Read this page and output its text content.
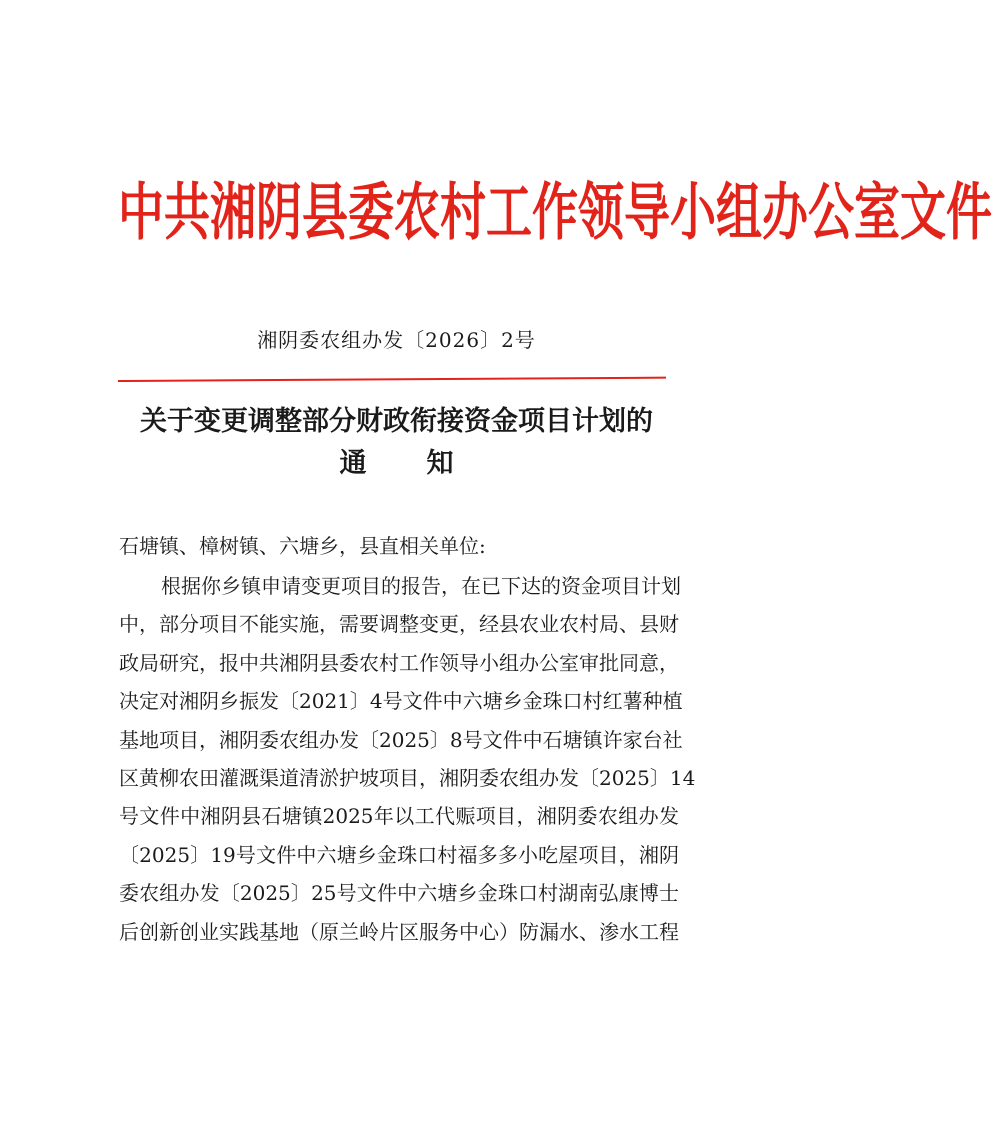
中共湘阴县委农村工作领导小组办公室文件
湘阴委农组办发〔2026〕2号
关于变更调整部分财政衔接资金项目计划的
通知
石塘镇、樟树镇、六塘乡，县直相关单位:
根据你乡镇申请变更项目的报告，在已下达的资金项目计划
中，部分项目不能实施，需要调整变更，经县农业农村局、县财
政局研究，报中共湘阴县委农村工作领导小组办公室审批同意，
决定对湘阴乡振发〔2021〕4号文件中六塘乡金珠口村红薯种植
基地项目，湘阴委农组办发〔2025〕8号文件中石塘镇许家台社
区黄柳农田灌溉渠道清淤护坡项目，湘阴委农组办发〔2025〕14
号文件中湘阴县石塘镇2025年以工代赈项目，湘阴委农组办发
〔2025〕19号文件中六塘乡金珠口村福多多小吃屋项目，湘阴
委农组办发〔2025〕25号文件中六塘乡金珠口村湖南弘康博士
后创新创业实践基地（原兰岭片区服务中心）防漏水、渗水工程
